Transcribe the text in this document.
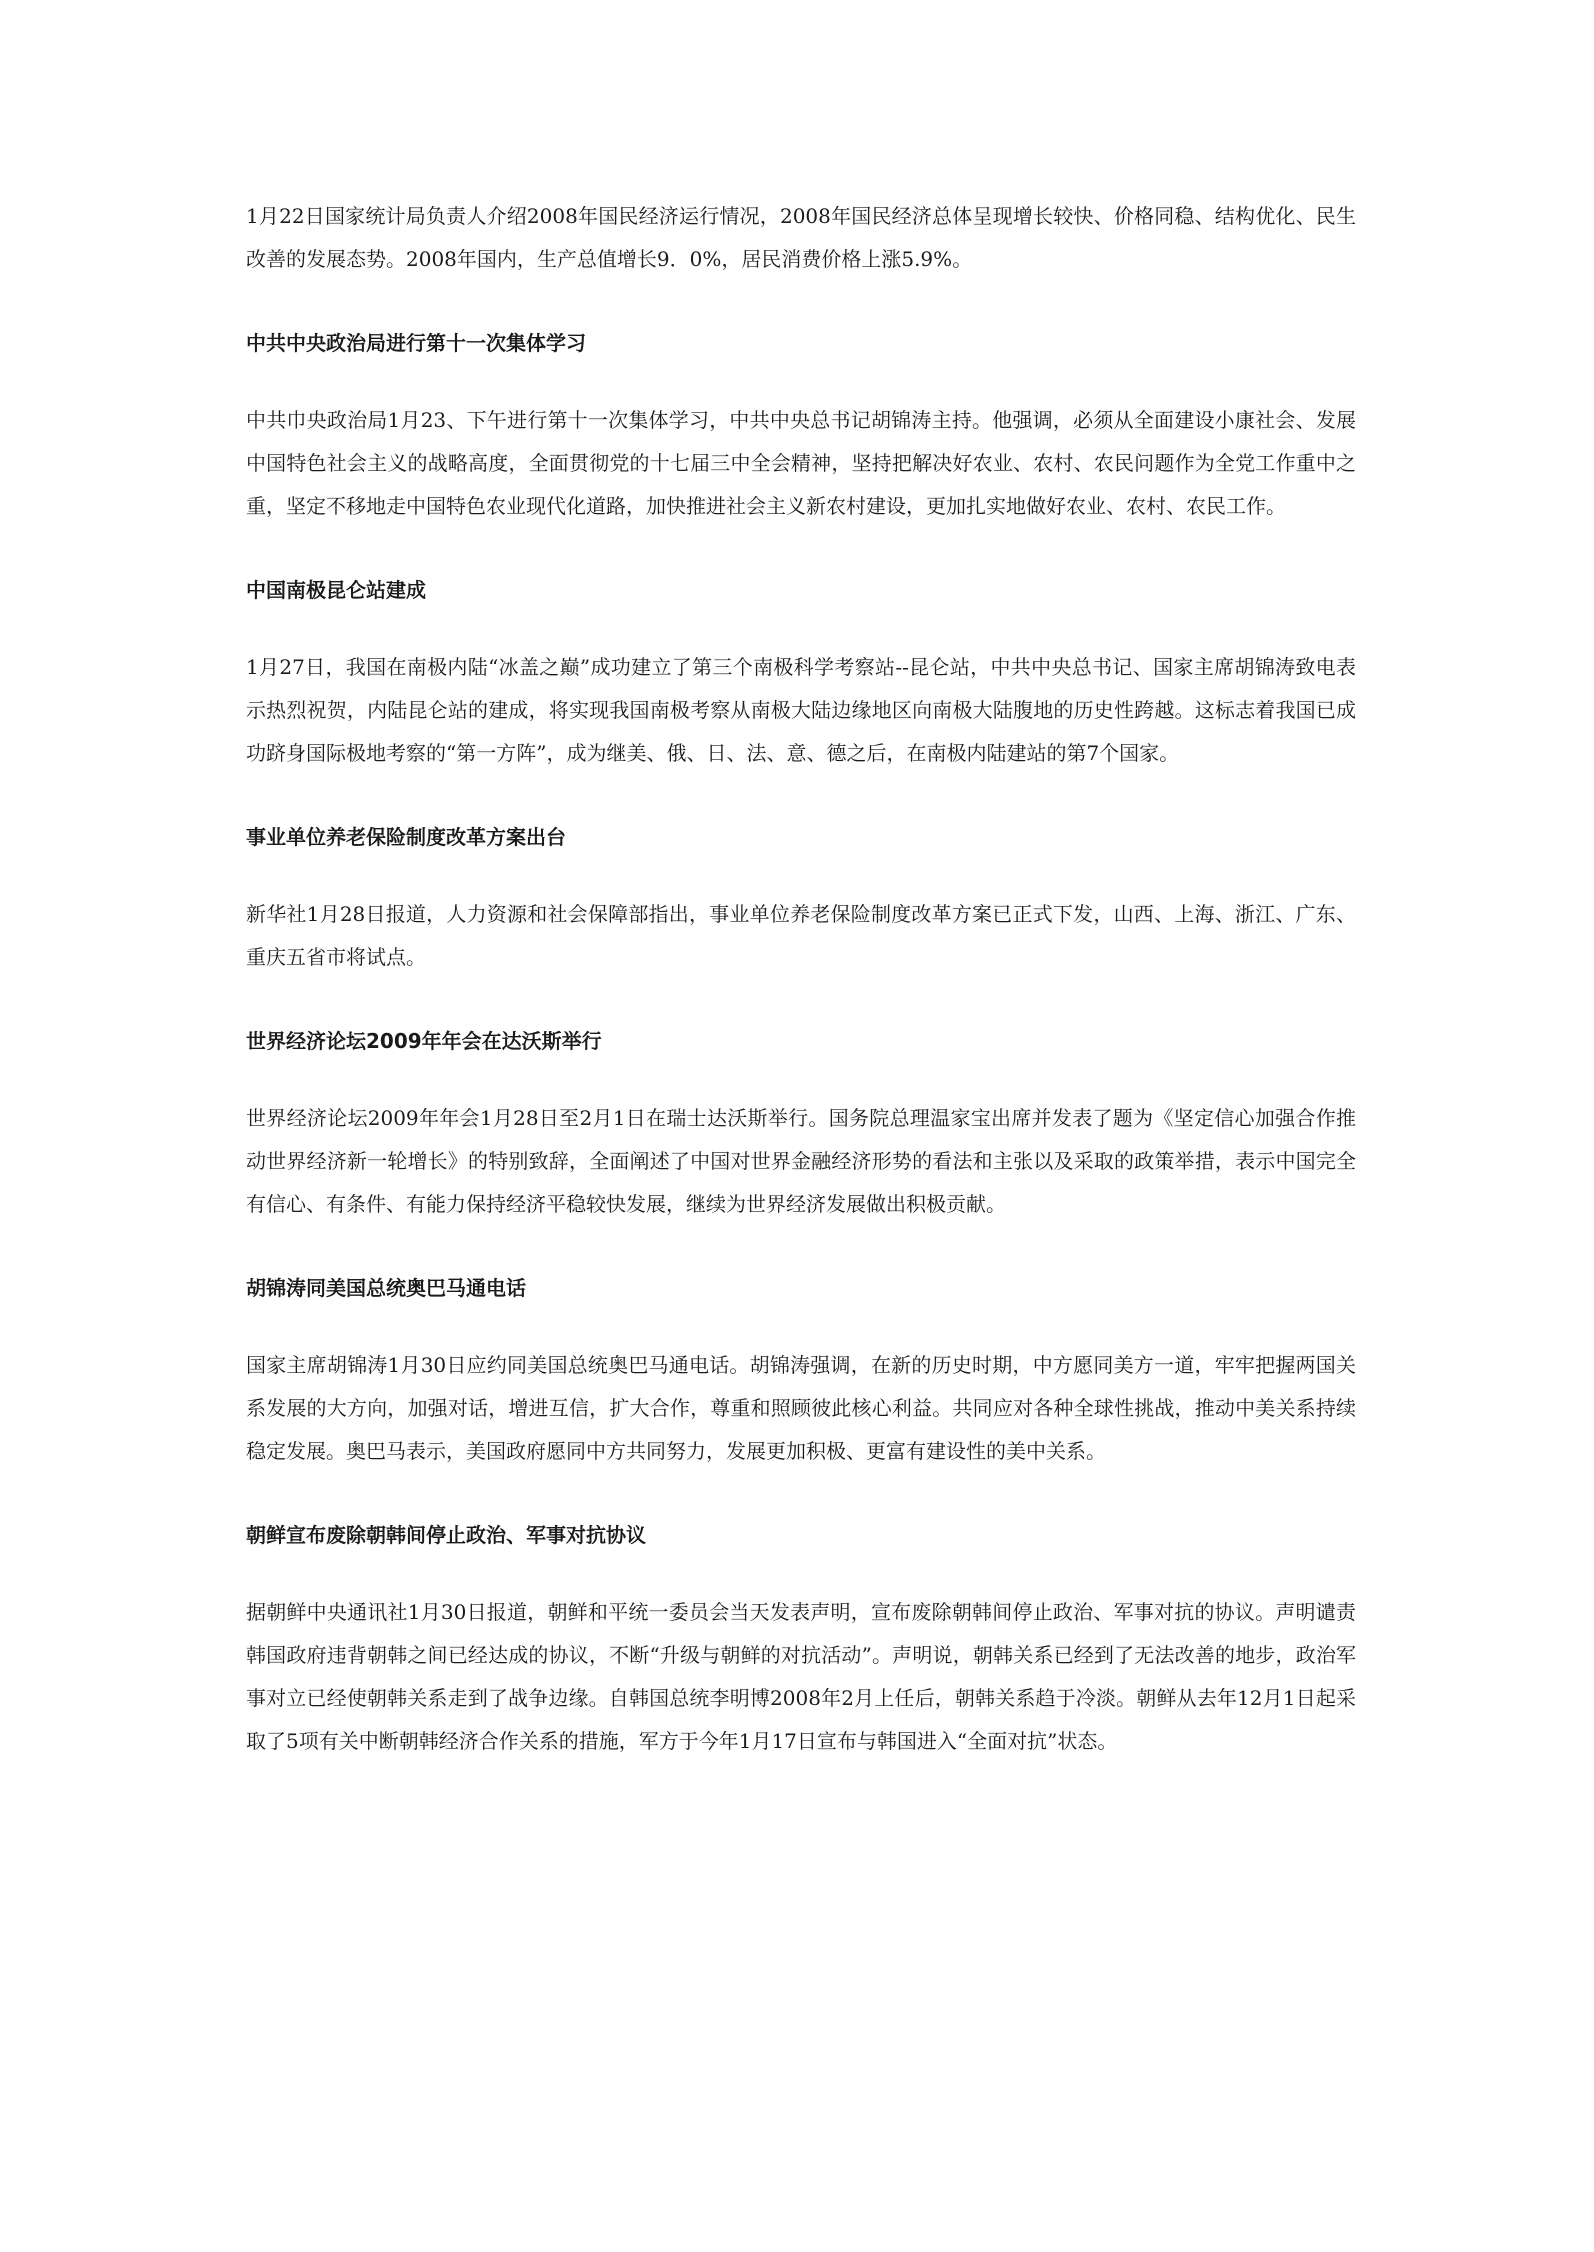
1月22日国家统计局负责人介绍2008年国民经济运行情况，2008年国民经济总体呈现增长较快、价格同稳、结构优化、民生改善的发展态势。2008年国内，生产总值增长9．0%，居民消费价格上涨5.9%。

中共中央政治局进行第十一次集体学习

中共巾央政治局1月23、下午进行第十一次集体学习，中共中央总书记胡锦涛主持。他强调，必须从全面建设小康社会、发展中国特色社会主义的战略高度，全面贯彻党的十七届三中全会精神，坚持把解决好农业、农村、农民问题作为全党工作重中之重，坚定不移地走中国特色农业现代化道路，加快推进社会主义新农村建设，更加扎实地做好农业、农村、农民工作。

中国南极昆仑站建成

1月27日，我国在南极内陆“冰盖之巅”成功建立了第三个南极科学考察站--昆仑站，中共中央总书记、国家主席胡锦涛致电表示热烈祝贺，内陆昆仑站的建成，将实现我国南极考察从南极大陆边缘地区向南极大陆腹地的历史性跨越。这标志着我国已成功跻身国际极地考察的“第一方阵”，成为继美、俄、日、法、意、德之后，在南极内陆建站的第7个国家。

事业单位养老保险制度改革方案出台

新华社1月28日报道，人力资源和社会保障部指出，事业单位养老保险制度改革方案已正式下发，山西、上海、浙江、广东、重庆五省市将试点。

世界经济论坛2009年年会在达沃斯举行

世界经济论坛2009年年会1月28日至2月1日在瑞士达沃斯举行。国务院总理温家宝出席并发表了题为《坚定信心加强合作推动世界经济新一轮增长》的特别致辞，全面阐述了中国对世界金融经济形势的看法和主张以及采取的政策举措，表示中国完全有信心、有条件、有能力保持经济平稳较快发展，继续为世界经济发展做出积极贡献。

胡锦涛同美国总统奥巴马通电话

国家主席胡锦涛1月30日应约同美国总统奥巴马通电话。胡锦涛强调，在新的历史时期，中方愿同美方一道，牢牢把握两国关系发展的大方向，加强对话，增进互信，扩大合作，尊重和照顾彼此核心利益。共同应对各种全球性挑战，推动中美关系持续稳定发展。奥巴马表示，美国政府愿同中方共同努力，发展更加积极、更富有建设性的美中关系。

朝鲜宣布废除朝韩间停止政治、军事对抗协议

据朝鲜中央通讯社1月30日报道，朝鲜和平统一委员会当天发表声明，宣布废除朝韩间停止政治、军事对抗的协议。声明谴责韩国政府违背朝韩之间已经达成的协议，不断“升级与朝鲜的对抗活动”。声明说，朝韩关系已经到了无法改善的地步，政治军事对立已经使朝韩关系走到了战争边缘。自韩国总统李明博2008年2月上任后，朝韩关系趋于冷淡。朝鲜从去年12月1日起采取了5项有关中断朝韩经济合作关系的措施，军方于今年1月17日宣布与韩国进入“全面对抗”状态。
